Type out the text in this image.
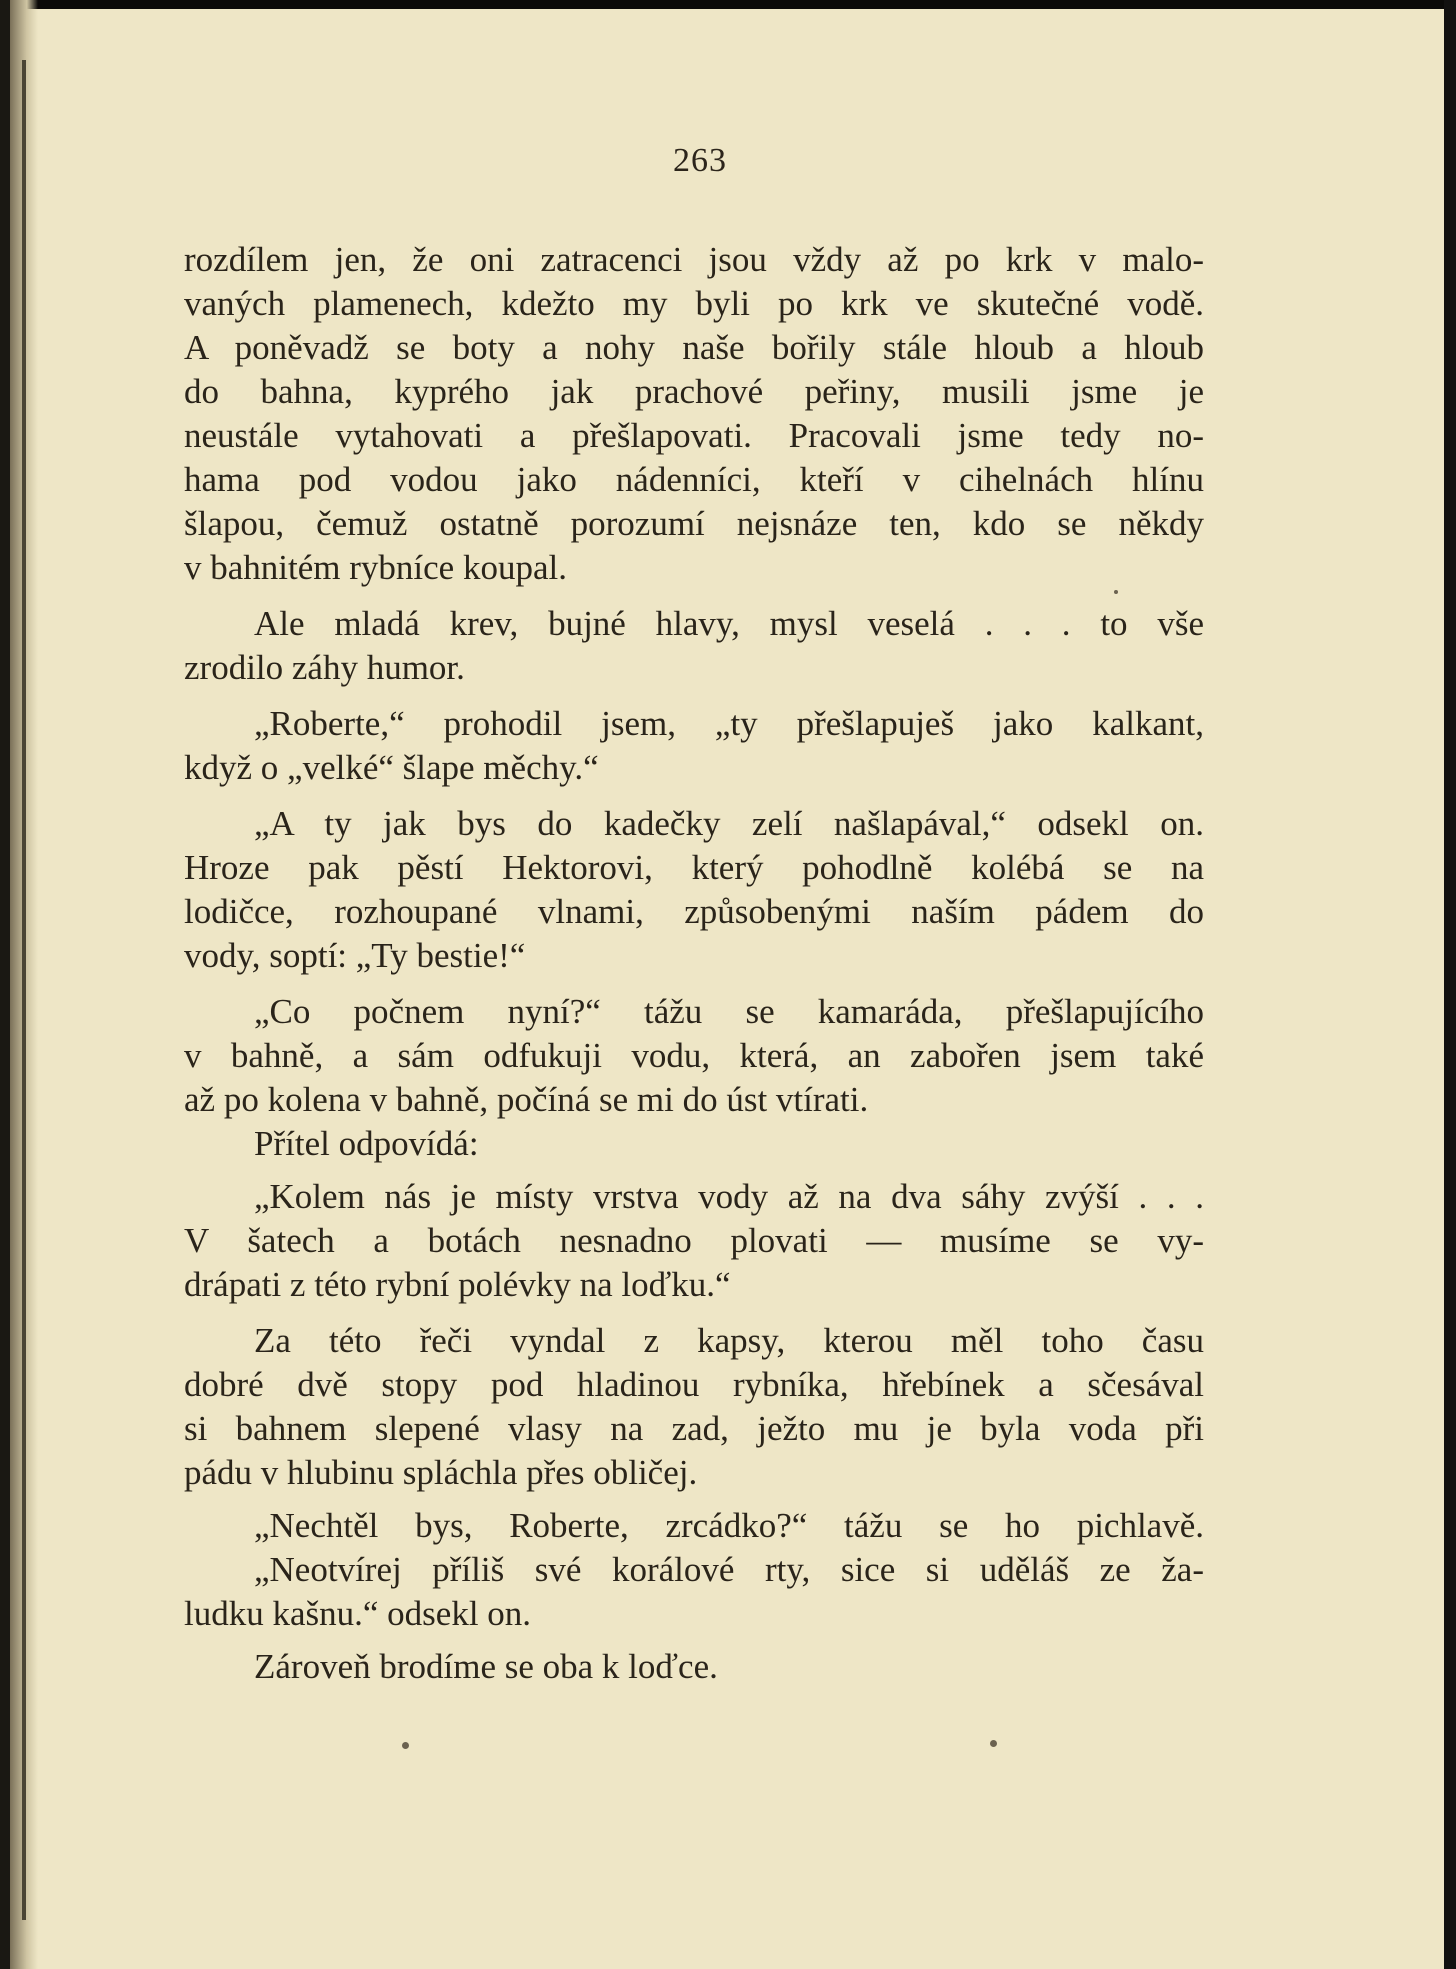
263
rozdílem jen, že oni zatracenci jsou vždy až po krk v malo-
vaných plamenech, kdežto my byli po krk ve skutečné vodě.
A poněvadž se boty a nohy naše bořily stále hloub a hloub
do bahna, kyprého jak prachové peřiny, musili jsme je
neustále vytahovati a přešlapovati. Pracovali jsme tedy no-
hama pod vodou jako nádenníci, kteří v cihelnách hlínu
šlapou, čemuž ostatně porozumí nejsnáze ten, kdo se někdy
v bahnitém rybníce koupal.
Ale mladá krev, bujné hlavy, mysl veselá . . . to vše
zrodilo záhy humor.
„Roberte,“ prohodil jsem, „ty přešlapuješ jako kalkant,
když o „velké“ šlape měchy.“
„A ty jak bys do kadečky zelí našlapával,“ odsekl on.
Hroze pak pěstí Hektorovi, který pohodlně kolébá se na
lodičce, rozhoupané vlnami, způsobenými naším pádem do
vody, soptí: „Ty bestie!“
„Co počnem nyní?“ tážu se kamaráda, přešlapujícího
v bahně, a sám odfukuji vodu, která, an zabořen jsem také
až po kolena v bahně, počíná se mi do úst vtírati.
Přítel odpovídá:
„Kolem nás je místy vrstva vody až na dva sáhy zvýší . . .
V šatech a botách nesnadno plovati — musíme se vy-
drápati z této rybní polévky na loďku.“
Za této řeči vyndal z kapsy, kterou měl toho času
dobré dvě stopy pod hladinou rybníka, hřebínek a sčesával
si bahnem slepené vlasy na zad, ježto mu je byla voda při
pádu v hlubinu spláchla přes obličej.
„Nechtěl bys, Roberte, zrcádko?“ tážu se ho pichlavě.
„Neotvírej příliš své korálové rty, sice si uděláš ze ža-
ludku kašnu.“ odsekl on.
Zároveň brodíme se oba k loďce.
